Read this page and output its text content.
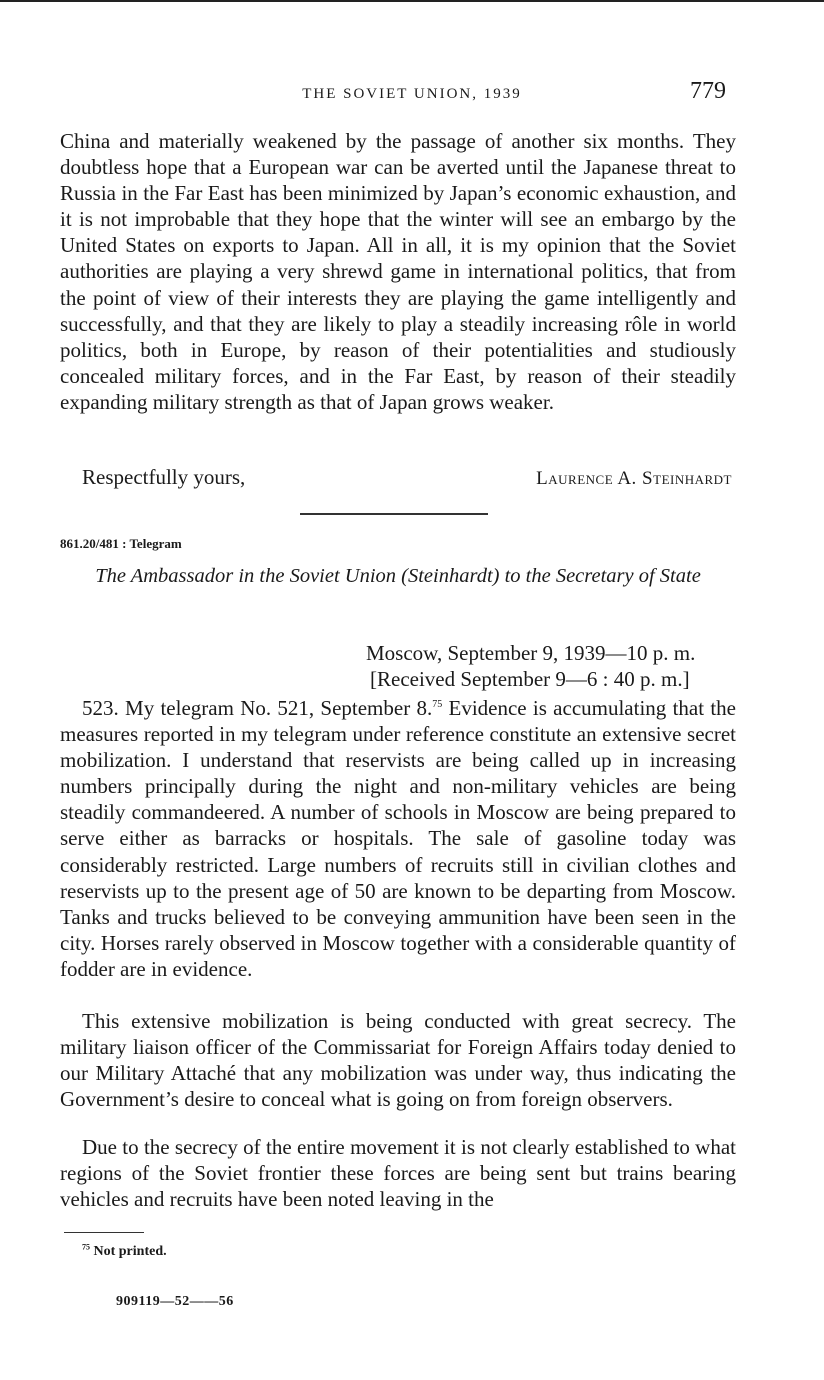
THE SOVIET UNION, 1939	779

China and materially weakened by the passage of another six months. They doubtless hope that a European war can be averted until the Japanese threat to Russia in the Far East has been minimized by Japan’s economic exhaustion, and it is not improbable that they hope that the winter will see an embargo by the United States on exports to Japan. All in all, it is my opinion that the Soviet authorities are playing a very shrewd game in international politics, that from the point of view of their interests they are playing the game intelligently and successfully, and that they are likely to play a steadily increasing rôle in world politics, both in Europe, by reason of their potentialities and studiously concealed military forces, and in the Far East, by reason of their steadily expanding military strength as that of Japan grows weaker.

Respectfully yours,	Laurence A. Steinhardt
861.20/481 : Telegram
The Ambassador in the Soviet Union (Steinhardt) to the Secretary of State
Moscow, September 9, 1939—10 p. m.
[Received September 9—6 : 40 p. m.]

523. My telegram No. 521, September 8.75 Evidence is accumulating that the measures reported in my telegram under reference constitute an extensive secret mobilization. I understand that reservists are being called up in increasing numbers principally during the night and non-military vehicles are being steadily commandeered. A number of schools in Moscow are being prepared to serve either as barracks or hospitals. The sale of gasoline today was considerably restricted. Large numbers of recruits still in civilian clothes and reservists up to the present age of 50 are known to be departing from Moscow. Tanks and trucks believed to be conveying ammunition have been seen in the city. Horses rarely observed in Moscow together with a considerable quantity of fodder are in evidence.

This extensive mobilization is being conducted with great secrecy. The military liaison officer of the Commissariat for Foreign Affairs today denied to our Military Attaché that any mobilization was under way, thus indicating the Government’s desire to conceal what is going on from foreign observers.

Due to the secrecy of the entire movement it is not clearly established to what regions of the Soviet frontier these forces are being sent but trains bearing vehicles and recruits have been noted leaving in the

$^{75}$ Not printed.
909119—52——56
